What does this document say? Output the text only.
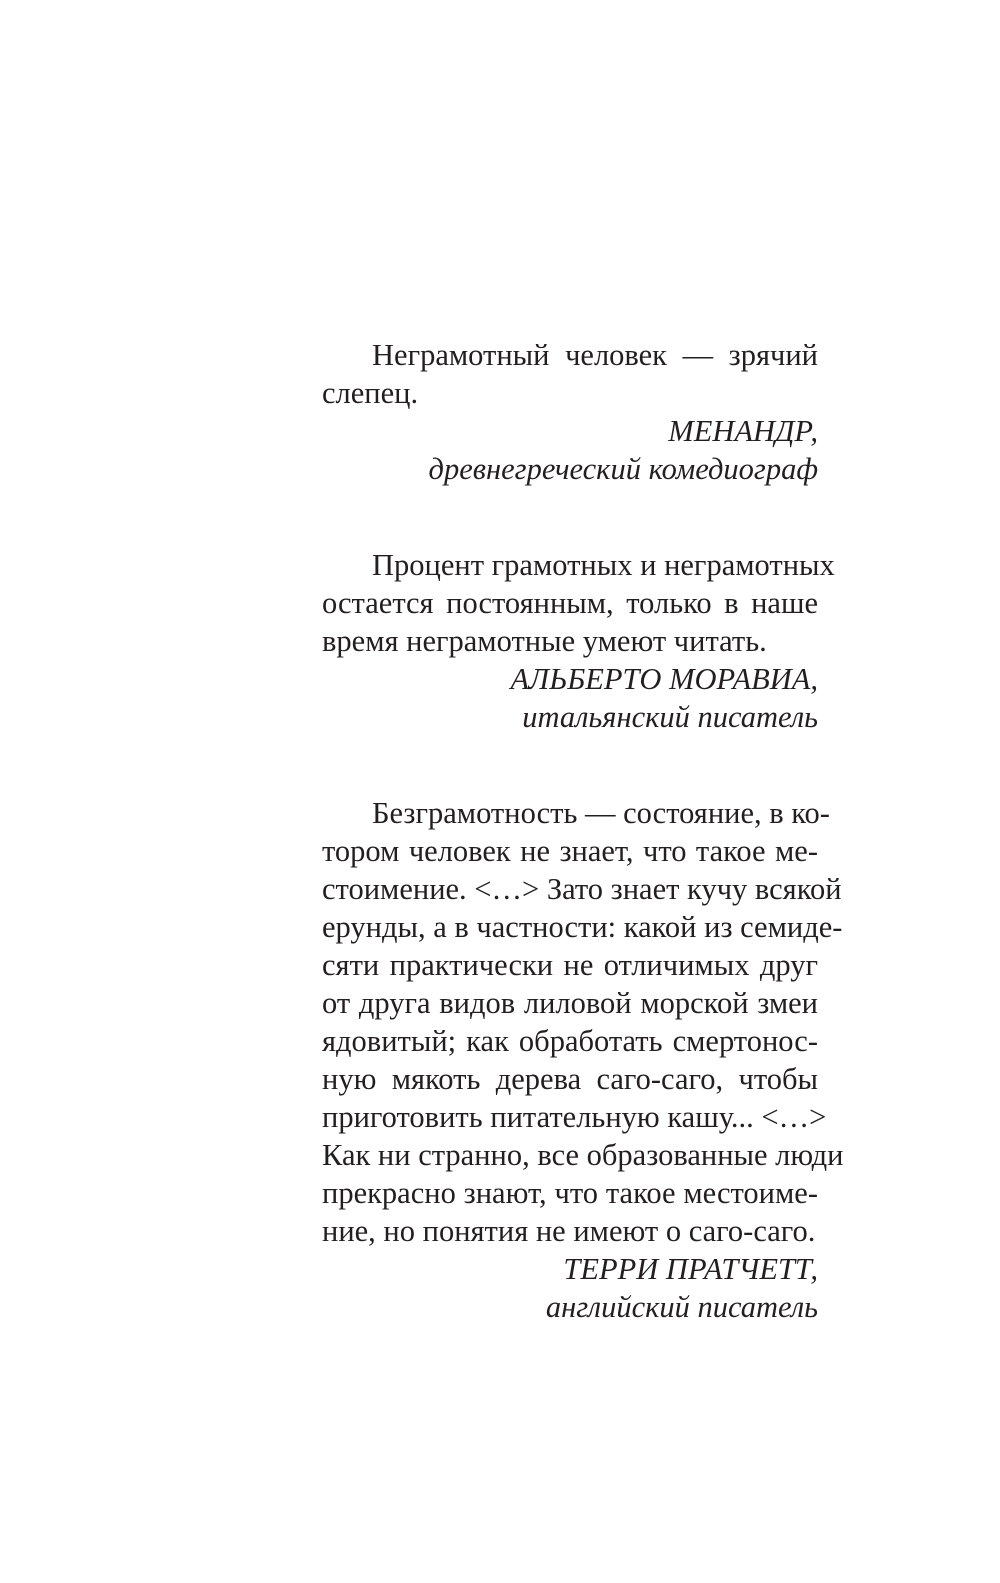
Неграмотный человек — зрячий
слепец.
МЕНАНДР,
древнегреческий комедиограф
Процент грамотных и неграмотных
остается постоянным, только в наше
время неграмотные умеют читать.
АЛЬБЕРТО МОРАВИА,
итальянский писатель
Безграмотность — состояние, в ко-
тором человек не знает, что такое ме-
стоимение. <…> Зато знает кучу всякой
ерунды, а в частности: какой из семиде-
сяти практически не отличимых друг
от друга видов лиловой морской змеи
ядовитый; как обработать смертонос-
ную мякоть дерева саго-саго, чтобы
приготовить питательную кашу... <…>
Как ни странно, все образованные люди
прекрасно знают, что такое местоиме-
ние, но понятия не имеют о саго-саго.
ТЕРРИ ПРАТЧЕТТ,
английский писатель
